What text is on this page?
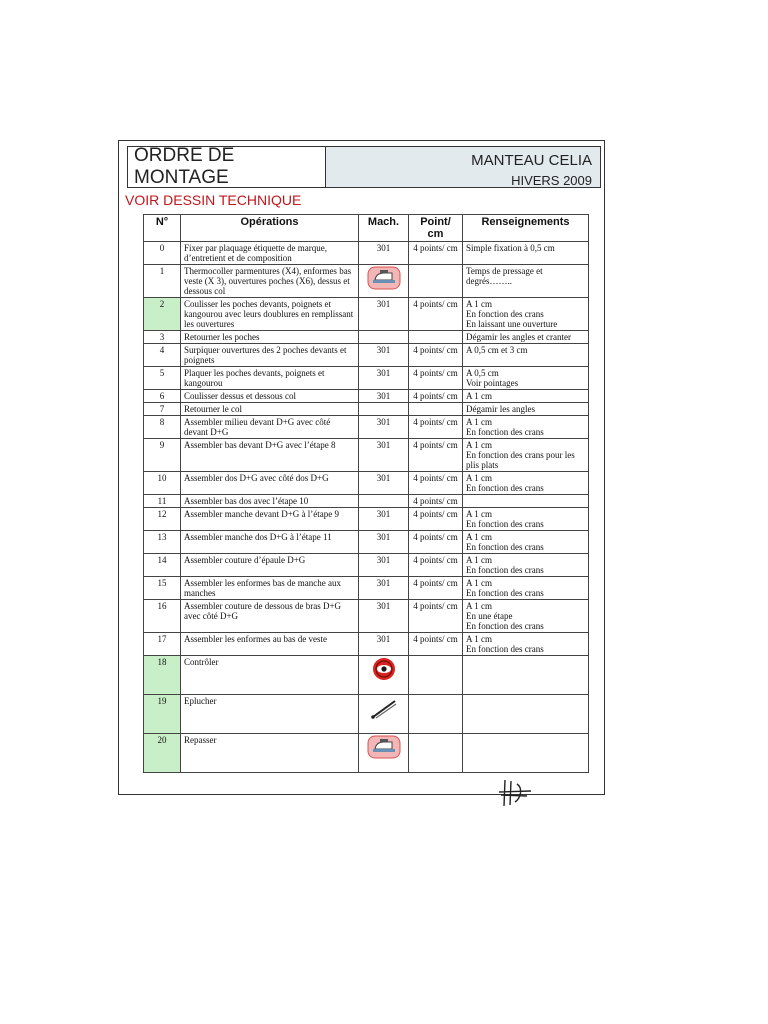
ORDRE DE MONTAGE
MANTEAU CELIA
HIVERS 2009
VOIR DESSIN TECHNIQUE
N°	Opérations	Mach.	Point/ cm	Renseignements
0	Fixer par plaquage étiquette de marque, d’entretient et de composition	301	4 points/ cm	Simple fixation à 0,5 cm
1	Thermocoller parmentures (X4), enformes bas veste (X 3), ouvertures poches (X6), dessus et dessous col			Temps de pressage et degrés……..
2	Coulisser les poches devants, poignets et kangourou avec leurs doublures en remplissant les ouvertures	301	4 points/ cm	A 1 cm
En fonction des crans
En laissant une ouverture
3	Retourner les poches			Dégamir les angles et cranter
4	Surpiquer ouvertures des 2 poches devants et poignets	301	4 points/ cm	A 0,5 cm et 3 cm
5	Plaquer les poches devants, poignets et kangourou	301	4 points/ cm	A 0,5 cm
Voir pointages
6	Coulisser dessus et dessous col	301	4 points/ cm	A 1 cm
7	Retourner le col			Dégamir les angles
8	Assembler milieu devant D+G avec côté devant D+G	301	4 points/ cm	A 1 cm
En fonction des crans
9	Assembler bas devant D+G avec l’étape 8	301	4 points/ cm	A 1 cm
En fonction des crans pour les plis plats
10	Assembler dos D+G avec côté dos D+G	301	4 points/ cm	A 1 cm
En fonction des crans
11	Assembler bas dos avec l’étape 10		4 points/ cm	
12	Assembler manche devant D+G à l’étape 9	301	4 points/ cm	A 1 cm
En fonction des crans
13	Assembler manche dos D+G à l’étape 11	301	4 points/ cm	A 1 cm
En fonction des crans
14	Assembler couture d’épaule D+G	301	4 points/ cm	A 1 cm
En fonction des crans
15	Assembler les enformes bas de manche aux manches	301	4 points/ cm	A 1 cm
En fonction des crans
16	Assembler couture de dessous de bras D+G avec côté D+G	301	4 points/ cm	A 1 cm
En une étape
En fonction des crans
17	Assembler les enformes au bas de veste	301	4 points/ cm	A 1 cm
En fonction des crans
18	Contrôler			
19	Eplucher			
20	Repasser			
